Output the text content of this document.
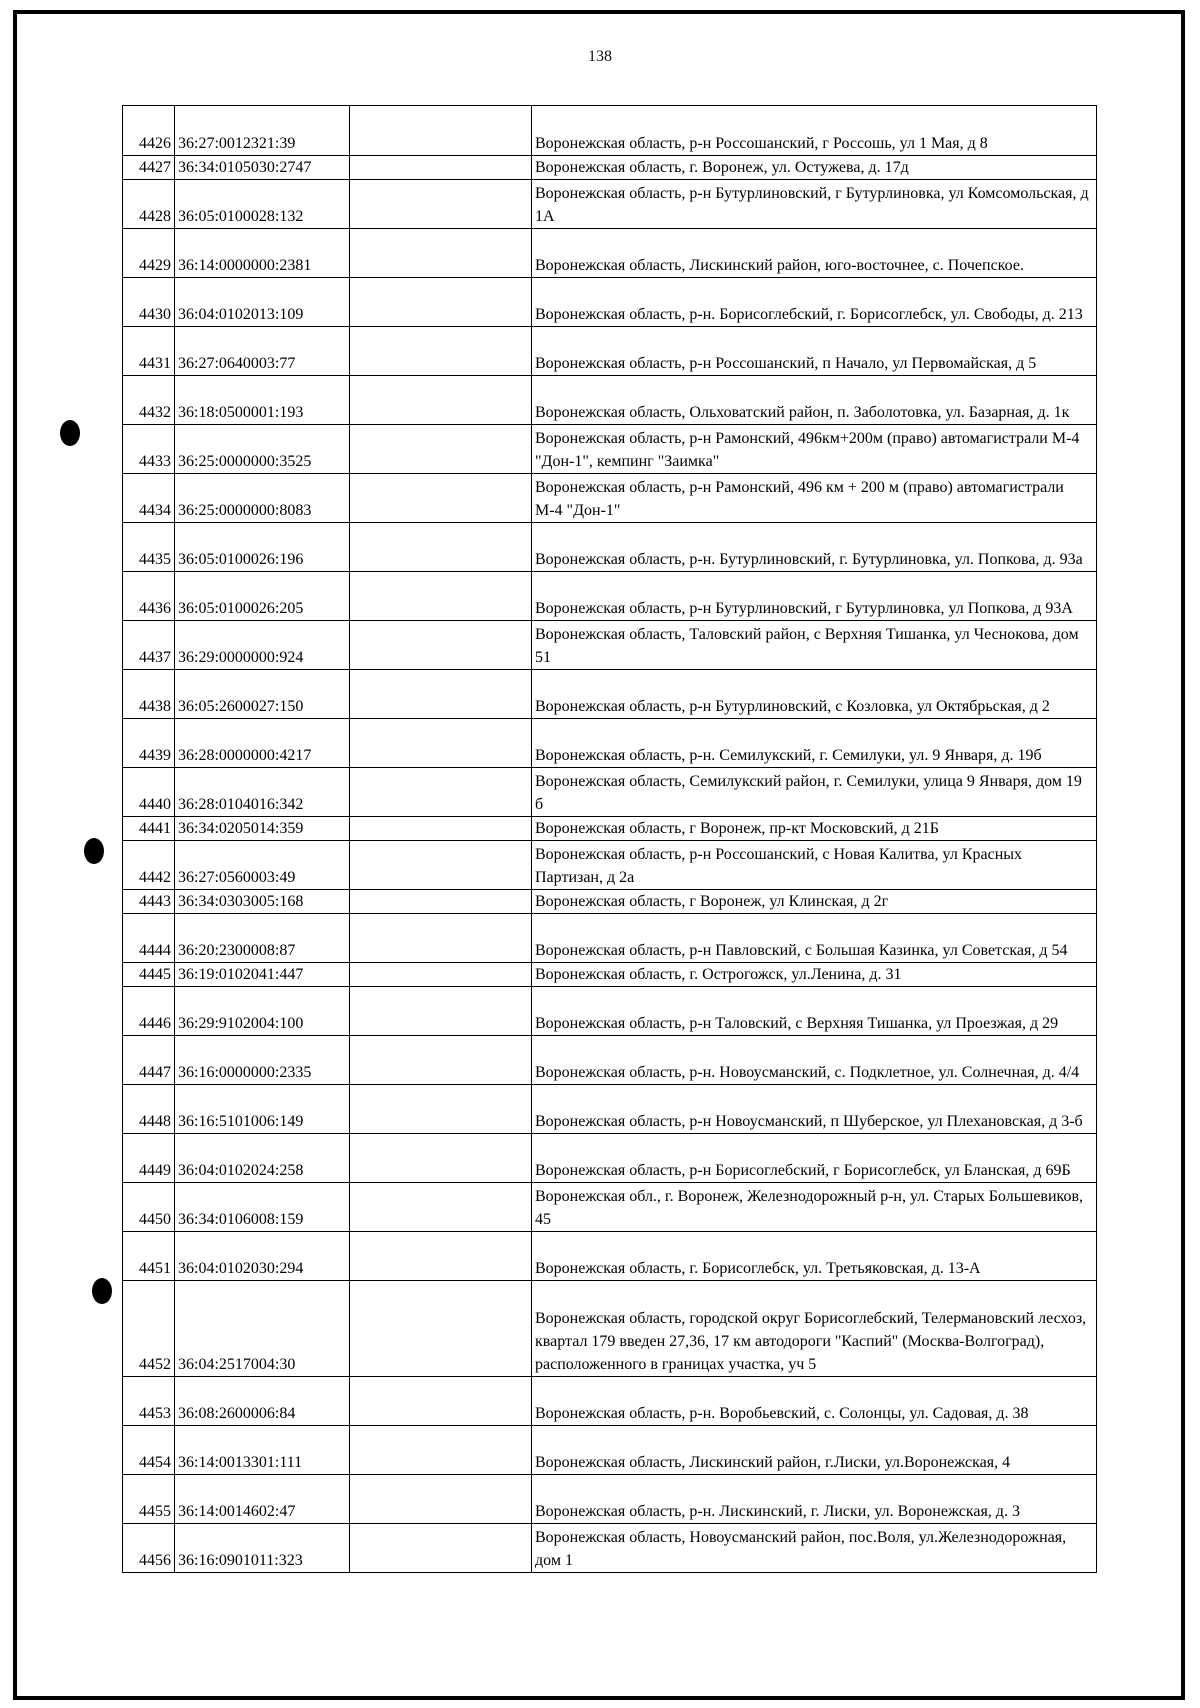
138
4426	36:27:0012321:39		Воронежская область, р-н Россошанский, г Россошь, ул 1 Мая, д 8
4427	36:34:0105030:2747		Воронежская область, г. Воронеж, ул. Остужева, д. 17д
4428	36:05:0100028:132		Воронежская область, р-н Бутурлиновский, г Бутурлиновка, ул Комсомольская, д 1А
4429	36:14:0000000:2381		Воронежская область, Лискинский район, юго-восточнее, с. Почепское.
4430	36:04:0102013:109		Воронежская область, р-н. Борисоглебский, г. Борисоглебск, ул. Свободы, д. 213
4431	36:27:0640003:77		Воронежская область, р-н Россошанский, п Начало, ул Первомайская, д 5
4432	36:18:0500001:193		Воронежская область, Ольховатский район, п. Заболотовка, ул. Базарная, д. 1к
4433	36:25:0000000:3525		Воронежская область, р-н Рамонский, 496км+200м (право) автомагистрали М-4 "Дон-1", кемпинг "Заимка"
4434	36:25:0000000:8083		Воронежская область, р-н Рамонский, 496 км + 200 м (право) автомагистрали М-4 "Дон-1"
4435	36:05:0100026:196		Воронежская область, р-н. Бутурлиновский, г. Бутурлиновка, ул. Попкова, д. 93а
4436	36:05:0100026:205		Воронежская область, р-н Бутурлиновский, г Бутурлиновка, ул Попкова, д 93А
4437	36:29:0000000:924		Воронежская область, Таловский район, с Верхняя Тишанка, ул Чеснокова, дом 51
4438	36:05:2600027:150		Воронежская область, р-н Бутурлиновский, с Козловка, ул Октябрьская, д 2
4439	36:28:0000000:4217		Воронежская область, р-н. Семилукский, г. Семилуки, ул. 9 Января, д. 19б
4440	36:28:0104016:342		Воронежская область, Семилукский район, г. Семилуки, улица 9 Января, дом 19 б
4441	36:34:0205014:359		Воронежская область, г Воронеж, пр-кт Московский, д 21Б
4442	36:27:0560003:49		Воронежская область, р-н Россошанский, с Новая Калитва, ул Красных Партизан, д 2а
4443	36:34:0303005:168		Воронежская область, г Воронеж, ул Клинская, д 2г
4444	36:20:2300008:87		Воронежская область, р-н Павловский, с Большая Казинка, ул Советская, д 54
4445	36:19:0102041:447		Воронежская область, г. Острогожск, ул.Ленина, д. 31
4446	36:29:9102004:100		Воронежская область, р-н Таловский, с Верхняя Тишанка, ул Проезжая, д 29
4447	36:16:0000000:2335		Воронежская область, р-н. Новоусманский, с. Подклетное, ул. Солнечная, д. 4/4
4448	36:16:5101006:149		Воронежская область, р-н Новоусманский, п Шуберское, ул Плехановская, д 3-б
4449	36:04:0102024:258		Воронежская область, р-н Борисоглебский, г Борисоглебск, ул Бланская, д 69Б
4450	36:34:0106008:159		Воронежская обл., г. Воронеж, Железнодорожный р-н, ул. Старых Большевиков, 45
4451	36:04:0102030:294		Воронежская область, г. Борисоглебск, ул. Третьяковская, д. 13-А
4452	36:04:2517004:30		Воронежская область, городской округ Борисоглебский, Телермановский лесхоз, квартал 179 введен 27,36, 17 км автодороги "Каспий" (Москва-Волгоград), расположенного в границах участка, уч 5
4453	36:08:2600006:84		Воронежская область, р-н. Воробьевский, с. Солонцы, ул. Садовая, д. 38
4454	36:14:0013301:111		Воронежская область, Лискинский район, г.Лиски, ул.Воронежская, 4
4455	36:14:0014602:47		Воронежская область, р-н. Лискинский, г. Лиски, ул. Воронежская, д. 3
4456	36:16:0901011:323		Воронежская область, Новоусманский район, пос.Воля, ул.Железнодорожная, дом 1
